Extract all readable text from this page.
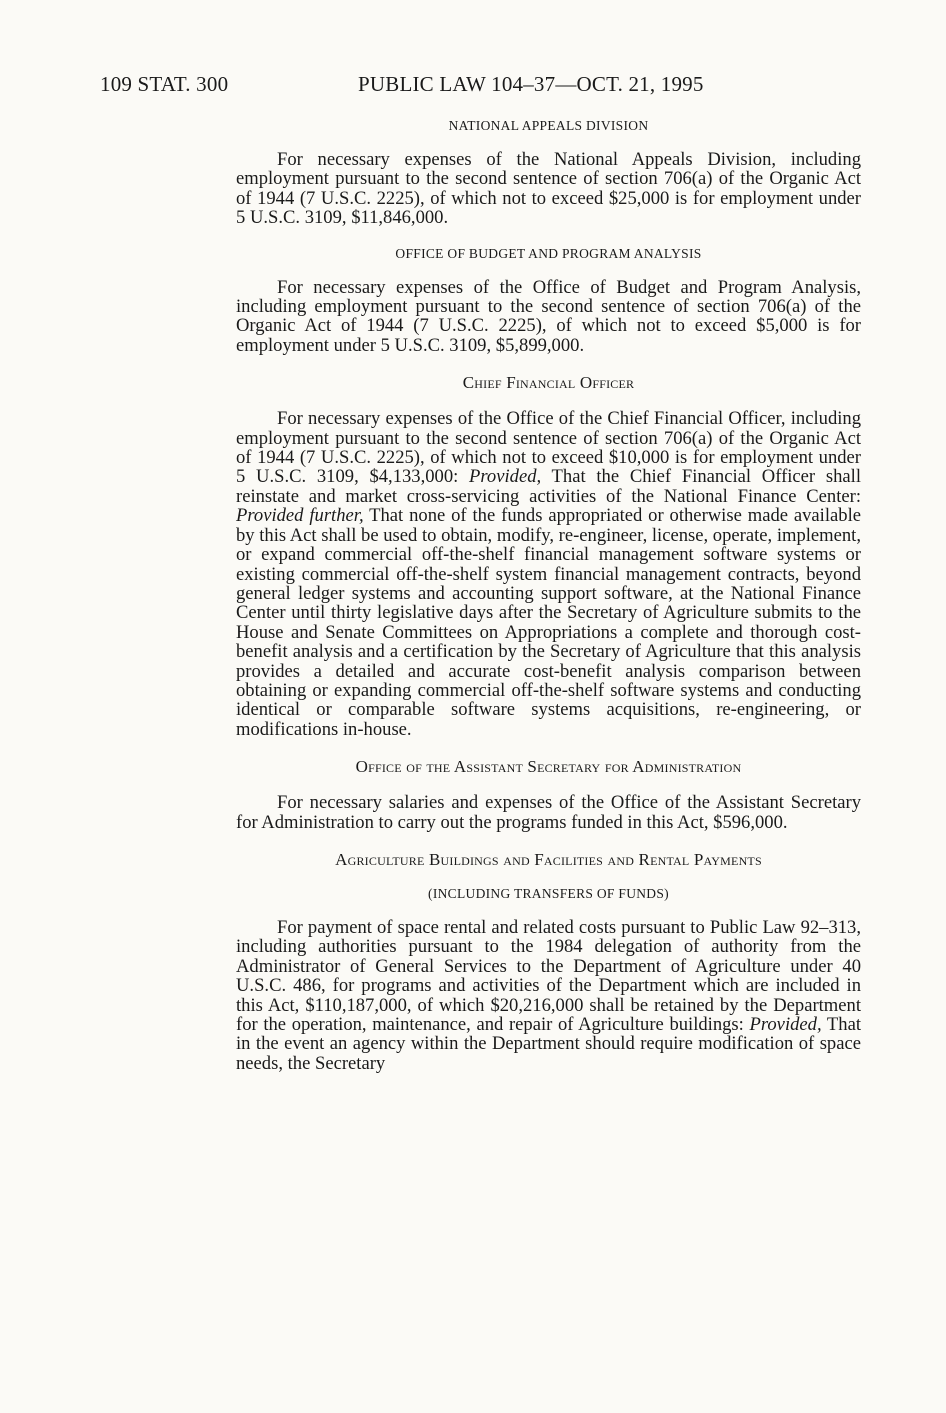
109 STAT. 300	PUBLIC LAW 104–37—OCT. 21, 1995
NATIONAL APPEALS DIVISION

For necessary expenses of the National Appeals Division, including employment pursuant to the second sentence of section 706(a) of the Organic Act of 1944 (7 U.S.C. 2225), of which not to exceed $25,000 is for employment under 5 U.S.C. 3109, $11,846,000.

OFFICE OF BUDGET AND PROGRAM ANALYSIS

For necessary expenses of the Office of Budget and Program Analysis, including employment pursuant to the second sentence of section 706(a) of the Organic Act of 1944 (7 U.S.C. 2225), of which not to exceed $5,000 is for employment under 5 U.S.C. 3109, $5,899,000.

Chief Financial Officer

For necessary expenses of the Office of the Chief Financial Officer, including employment pursuant to the second sentence of section 706(a) of the Organic Act of 1944 (7 U.S.C. 2225), of which not to exceed $10,000 is for employment under 5 U.S.C. 3109, $4,133,000: Provided, That the Chief Financial Officer shall reinstate and market cross-servicing activities of the National Finance Center: Provided further, That none of the funds appropriated or otherwise made available by this Act shall be used to obtain, modify, re-engineer, license, operate, implement, or expand commercial off-the-shelf financial management software systems or existing commercial off-the-shelf system financial management contracts, beyond general ledger systems and accounting support software, at the National Finance Center until thirty legislative days after the Secretary of Agriculture submits to the House and Senate Committees on Appropriations a complete and thorough cost-benefit analysis and a certification by the Secretary of Agriculture that this analysis provides a detailed and accurate cost-benefit analysis comparison between obtaining or expanding commercial off-the-shelf software systems and conducting identical or comparable software systems acquisitions, re-engineering, or modifications in-house.

Office of the Assistant Secretary for Administration

For necessary salaries and expenses of the Office of the Assistant Secretary for Administration to carry out the programs funded in this Act, $596,000.

Agriculture Buildings and Facilities and Rental Payments
(INCLUDING TRANSFERS OF FUNDS)

For payment of space rental and related costs pursuant to Public Law 92–313, including authorities pursuant to the 1984 delegation of authority from the Administrator of General Services to the Department of Agriculture under 40 U.S.C. 486, for programs and activities of the Department which are included in this Act, $110,187,000, of which $20,216,000 shall be retained by the Department for the operation, maintenance, and repair of Agriculture buildings: Provided, That in the event an agency within the Department should require modification of space needs, the Secretary
